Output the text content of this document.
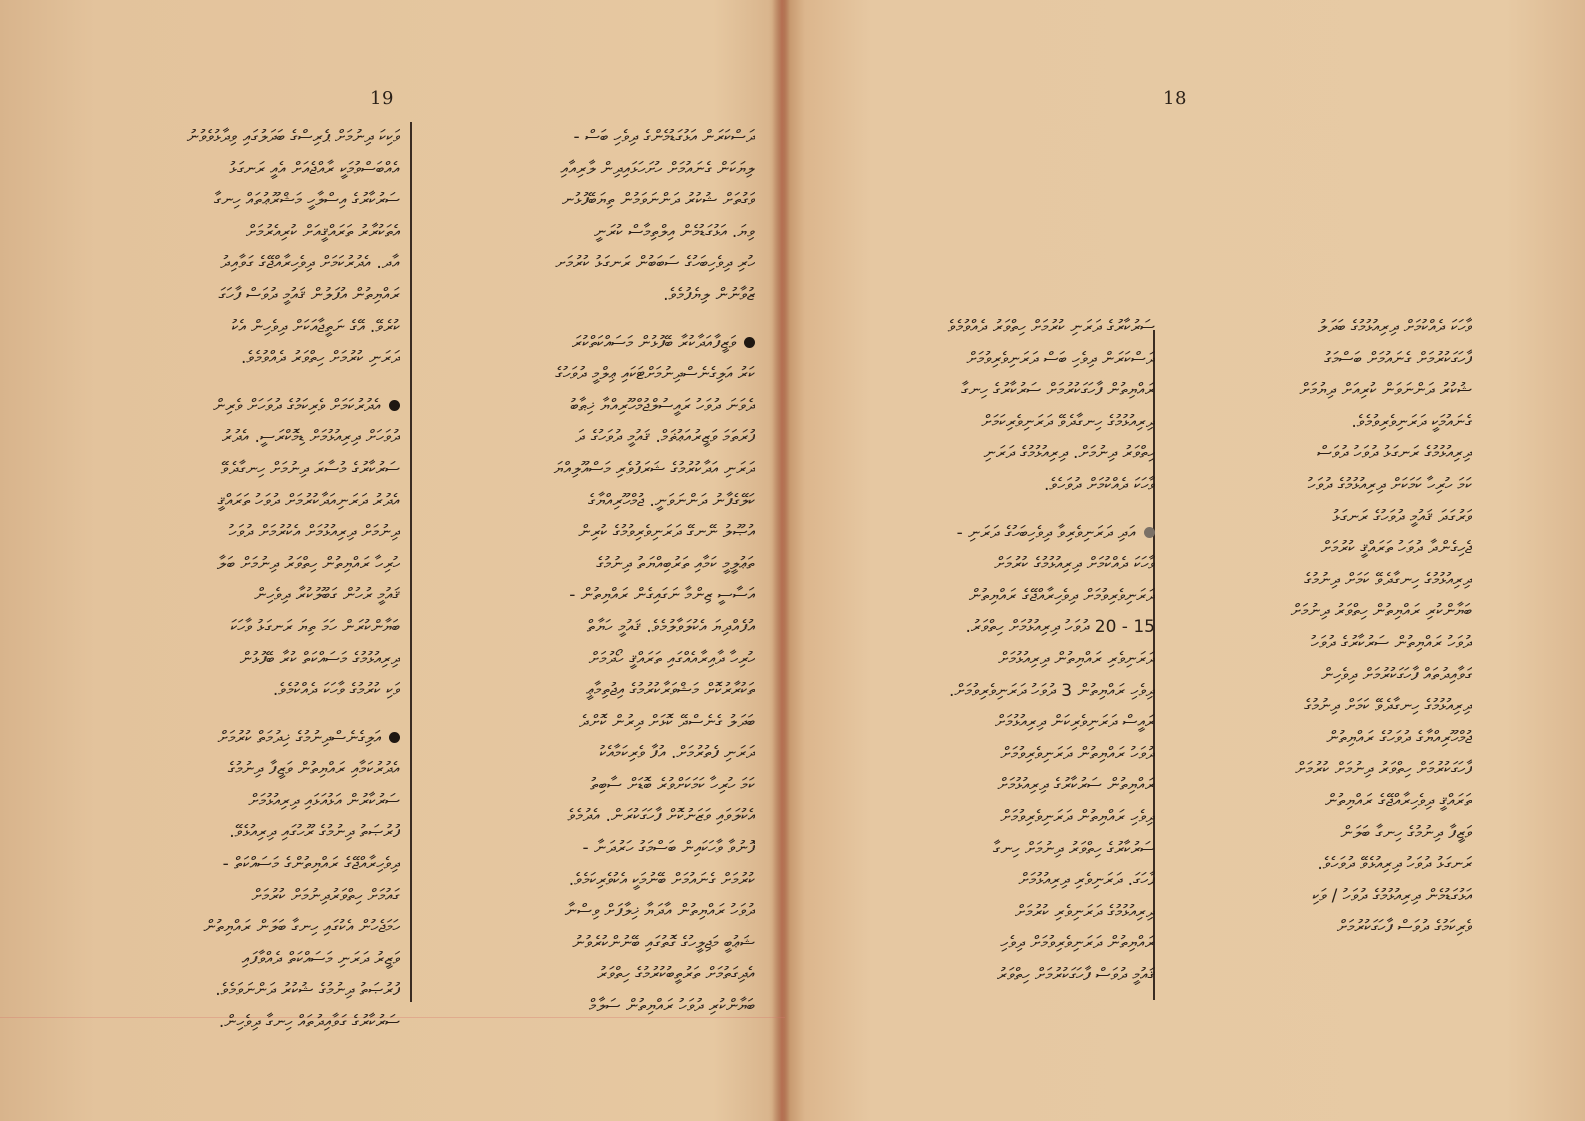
19
ދަސްކަރަން އަޅުގަޑުމެންގެ ދިވެހި ބަސް -
ލިޔަކަން ގެނައުމަށް ހުށަހަޅައިދިން ލާރިއާއި
ވަގުތަށް ޝުކުރު ދަންނަވަމުން ތިޔަބޭފުޅުނ
ވިޔަ. އަޅުގަޑުމެން އިލްތިމާސް ކުރަނީ
ހުރި ދިވެހިބަހުގެ ސަބަބުން ރަނގަޅު ކުރުމަށ
ޒުވާނުން ލިޔެފުމެވެ.
ވަޒީފާއަދާކުރާ ބޭފުޅުން މަސައްކަތްކުރަ
ކަރު އަލިގެނެސްދިނުމަށްޓަކައި ޢިލްމީ ދުވަހުގެ
ދެވަނަ ދުވަހު ރައީސުލްޖުމްހޫރިއްޔާ ޚިޠާބު
ފުރަތަމަ ވަޒީރުއަޢުޡަމް. ޤައުމީ ދުވަހުގެ ދަ
ދަރަނި އަދާކުރުމުގެ ޝަރަފުވެރި މަސްއޫލިއްޔަ
ކަލޭގެފާނު ދަންނަވަނީ. ޖުމްހޫރިއްޔާގެ
އުޞޫލު ނޭނގޭ ދަރަނިވެރިވުމުގެ ކުރިން
ތަޢުލީމީ ކަމާއި ތަރުބިއްޔަތު ދިނުމުގެ
އަސާސީ ޒިންމާ ނަގައިގެން ރައްޔިތުން -
އުފެއްދިޔަ އެކުލަވާލުމެވެ. ޤައުމީ ހަޔާތް
ހުރިހާ ދާއިރާއެއްގައި ތަރައްޤީ ހޯދުމަށް
ތަކުރާރުކޮށް މަޝްވަރާކުރުމުގެ އިޖުތިމާޢީ
ބަދަލު ގެނެސްދޭ ކޮޅަށް ދިރުން ކޮށްދެ
ދަރަނި ފެތުރުމަށް. އުފާ ވެރިކަމާއެކު
ކަމަ ހުރިހާ ކަމަކަށްވުރެ ބޮޑަށް ސާބިތު
އެކުލަވައި ވަޒަނުކޮށް ފާހަގަކުރަން. އެދުމެވެ
ފޮނުވާ ވާހަކައިން ބަސްމަގު ހަރުދަނާ -
ކުރުމަށް ގެނައުމަށް ބޭނުމަކީ އެކުވެރިކަމެވެ.
ދުވަހު ރައްޔިތުން އާދަޔާ ޚިލާފަށް ވިސްނާ
ޝަޢުބީ މަޖިލީހުގެ ގޮތުގައި ބޭނުންކުރެވުނު
އެދިގަތުމަށް ތަރުތީބުކުރުމުގެ ހިތްވަރު
ބަޔާންކުރި ދުވަހު ރައްޔިތުން ސަލާމް
ވަކިކަ ދިނުމަށް ޕެރިސްގެ ބަދަލުގައި ވިދާޅުވެވުނު
އެއްބަސްވުމަކީ ރާއްޖެއަށް އެއީ ރަނގަޅު
ސަރުކާރުގެ އިސްލާހީ މަޝްރޫޢުތައް ހިނގާ
އެތަކުރާރު ތަރައްޤީއަށް ކުރިއެރުމަށް
އާދ. އެދުރުކަމަށް ދިވެހިރާއްޖޭގެ ގަވާއިދު
ރައްޔިތުން އުފަލުން ޤައުމީ ދުވަސް ފާހަގަ
ކުރެވޭ. އޭގެ ނަތީޖާއަކަށް ދިވެހިން އެކު
ދަރަނި ކުރުމަށް ހިތްވަރު ދެއްވުމެވެ.
އެދުރުކަމަށް ވެރިކަމުގެ ދުވަހަށް ވެރިން
ދުވަހަށް ދިރިއުޅުމަށް ޑިމޮކްރަސީ. އެދުރު
ސަރުކާރުގެ މުސާރަ ދިނުމަށް ހިނގާދެވޭ
އެދުރު ދަރަނިއަދާކުރުމަށް ދުވަހު ތަރައްޤީ
ދިނުމަށް ދިރިއުޅުމަށް އެކުރުމަށް ދުވަހު
ހުރިހާ ރައްޔިތުން ހިތްވަރު ދިނުމަށް ބަލާ
ޤައުމީ ރުހުން ގަބޫލުކުރާ ދިވެހިން
ބަޔާންކުރަން ހަމަ ތިޔަ ރަނގަޅު ވާހަކަ
ދިރިއުޅުމުގެ މަސައްކަތް ކުރާ ބޭފުޅުން
ވަކި ކުރުމުގެ ވާހަކަ ދެއްކުމެވެ.
އަލިގެނެސްދިނުމުގެ ޚިދުމަތް ކުރުމަށް
އެދުރުކަމާއި ރައްޔިތުން ވަޒީފާ ދިނުމުގެ
ސަރުކާރުން އަޅުއަޅައި ދިރިއުޅުމަށް
ފުރުޞަތު ދިނުމުގެ ރޫހުގައި ދިރިއުޅެވޭ.
ދިވެހިރާއްޖޭގެ ރައްޔިތުންގެ މަސައްކަތް -
ގައުމަށް ހިތްވަރުދިނުމަށް ކުރުމަށް
ހަމަޖެހުން އެކުގައި ހިނގާ ބަލަން ރައްޔިތުން
ވަޒީރު ދަރަނި މަސައްކަތް ދެއްވާފައި
ފުރުޞަތު ދިނުމުގެ ޝުކުރު ދަންނަވަމެވެ.
ސަރުކާރުގެ ގަވާއިދުތައް ހިނގާ ދިވެހިން.
18
ވާހަކަ ދެއްކުމަށް ދިރިއުޅުމުގެ ބަދަލު
ފާހަގަކުރުމަށް ގެނައުމަށް ބަސްމަގު
ޝުކުރު ދަންނަވަން ކުރިއަށް ދިޔުމަށް
ގެނައުމަކީ ދަރަނިވެރިވުމެވެ.
ދިރިއުޅުމުގެ ރަނގަޅު ދުވަހު ދުވަސް
ކަމަ ހުރިހާ ކަމަކަށް ދިރިއުޅުމުގެ ދުވަހު
ވަރުގަދަ ޤައުމީ ދުވަހުގެ ރަނގަޅު
ޖެހިގެންދާ ދުވަހު ތަރައްޤީ ކުރުމަށް
ދިރިއުޅުމުގެ ހިނގާދެވޭ ކަމަށް ދިނުމުގެ
ބަޔާންކުރި ރައްޔިތުން ހިތްވަރު ދިނުމަށް
ދުވަހު ރައްޔިތުން ސަރުކާރުގެ ދުވަހު
ގަވާއިދުތައް ފާހަގަކުރުމަށް ދިވެހިން
ދިރިއުޅުމުގެ ހިނގާދެވޭ ކަމަށް ދިނުމުގެ
ޖުމްހޫރިއްޔާގެ ދުވަހުގެ ރައްޔިތުން
ފާހަގަކުރުމަށް ހިތްވަރު ދިނުމަށް ކުރުމަށް
ތަރައްޤީ ދިވެހިރާއްޖޭގެ ރައްޔިތުން
ވަޒީފާ ދިނުމުގެ ހިނގާ ބަލަން
ރަނގަޅު ދުވަހު ދިރިއުޅެވޭ ދުވަހެވެ.
އަޅުގަޑުމެން ދިރިއުޅުމުގެ ދުވަހު / ވަކި
ވެރިކަމުގެ ދުވަސް ފާހަގަކުރުމަށް
ސަރުކާރުގެ ދަރަނި ކުރުމަށް ހިތްވަރު ދެއްވުމެވެ
ދަސްކަރަން ދިވެހި ބަސް ދަރަނިވެރިވުމަށް
ރައްޔިތުން ފާހަގަކުރުމަށް ސަރުކާރުގެ ހިނގާ
ދިރިއުޅުމުގެ ހިނގާދެވޭ ދަރަނިވެރިކަމަށް
ހިތްވަރު ދިނުމަށް. ދިރިއުޅުމުގެ ދަރަނި
ވާހަކަ ދެއްކުމަށް ދުވަހެވެ.
އަދި ދަރަނިވެރިވާ ދިވެހިބަހުގެ ދަރަނި -
ވާހަކަ ދެއްކުމަށް ދިރިއުޅުމުގެ ކުރުމަށް
ދަރަނިވެރިވުމަށް ދިވެހިރާއްޖޭގެ ރައްޔިތުން
15 - 20 ދުވަހު ދިރިއުޅުމަށް ހިތްވަރު.
ދަރަނިވެރި ރައްޔިތުން ދިރިއުޅުމަށް
ދިވެހި ރައްޔިތުން 3 ދުވަހު ދަރަނިވެރިވުމަށް.
ރައީސް ދަރަނިވެރިކަން ދިރިއުޅުމަށް
ދުވަހު ރައްޔިތުން ދަރަނިވެރިވުމަށް
ރައްޔިތުން ސަރުކާރުގެ ދިރިއުޅުމަށް
ދިވެހި ރައްޔިތުން ދަރަނިވެރިވުމަށް
ސަރުކާރުގެ ހިތްވަރު ދިނުމަށް ހިނގާ
ފާހަގަ. ދަރަނިވެރި ދިރިއުޅުމަށް
ދިރިއުޅުމުގެ ދަރަނިވެރި ކުރުމަށް
ރައްޔިތުން ދަރަނިވެރިވުމަށް ދިވެހި
ޤައުމީ ދުވަސް ފާހަގަކުރުމަށް ހިތްވަރު
